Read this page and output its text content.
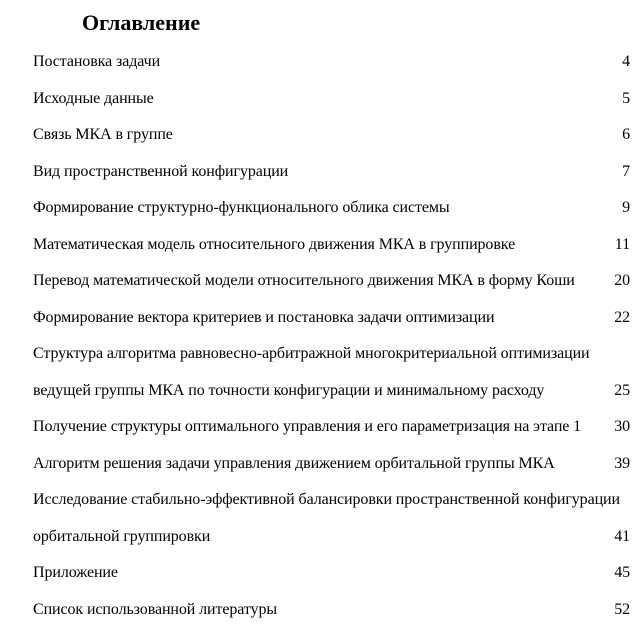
Оглавление
Постановка задачи	4
Исходные данные	5
Связь МКА в группе	6
Вид пространственной конфигурации	7
Формирование структурно-функционального облика системы	9
Математическая модель относительного движения МКА в группировке	11
Перевод математической модели относительного движения МКА в форму Коши	20
Формирование вектора критериев и постановка задачи оптимизации	22
Структура алгоритма равновесно-арбитражной многокритериальной оптимизации ведущей группы МКА по точности конфигурации и минимальному расходу	25
Получение структуры оптимального управления и его параметризация на этапе 1	30
Алгоритм решения задачи управления движением орбитальной группы МКА	39
Исследование стабильно-эффективной балансировки пространственной конфигурации орбитальной группировки	41
Приложение	45
Список использованной литературы	52
